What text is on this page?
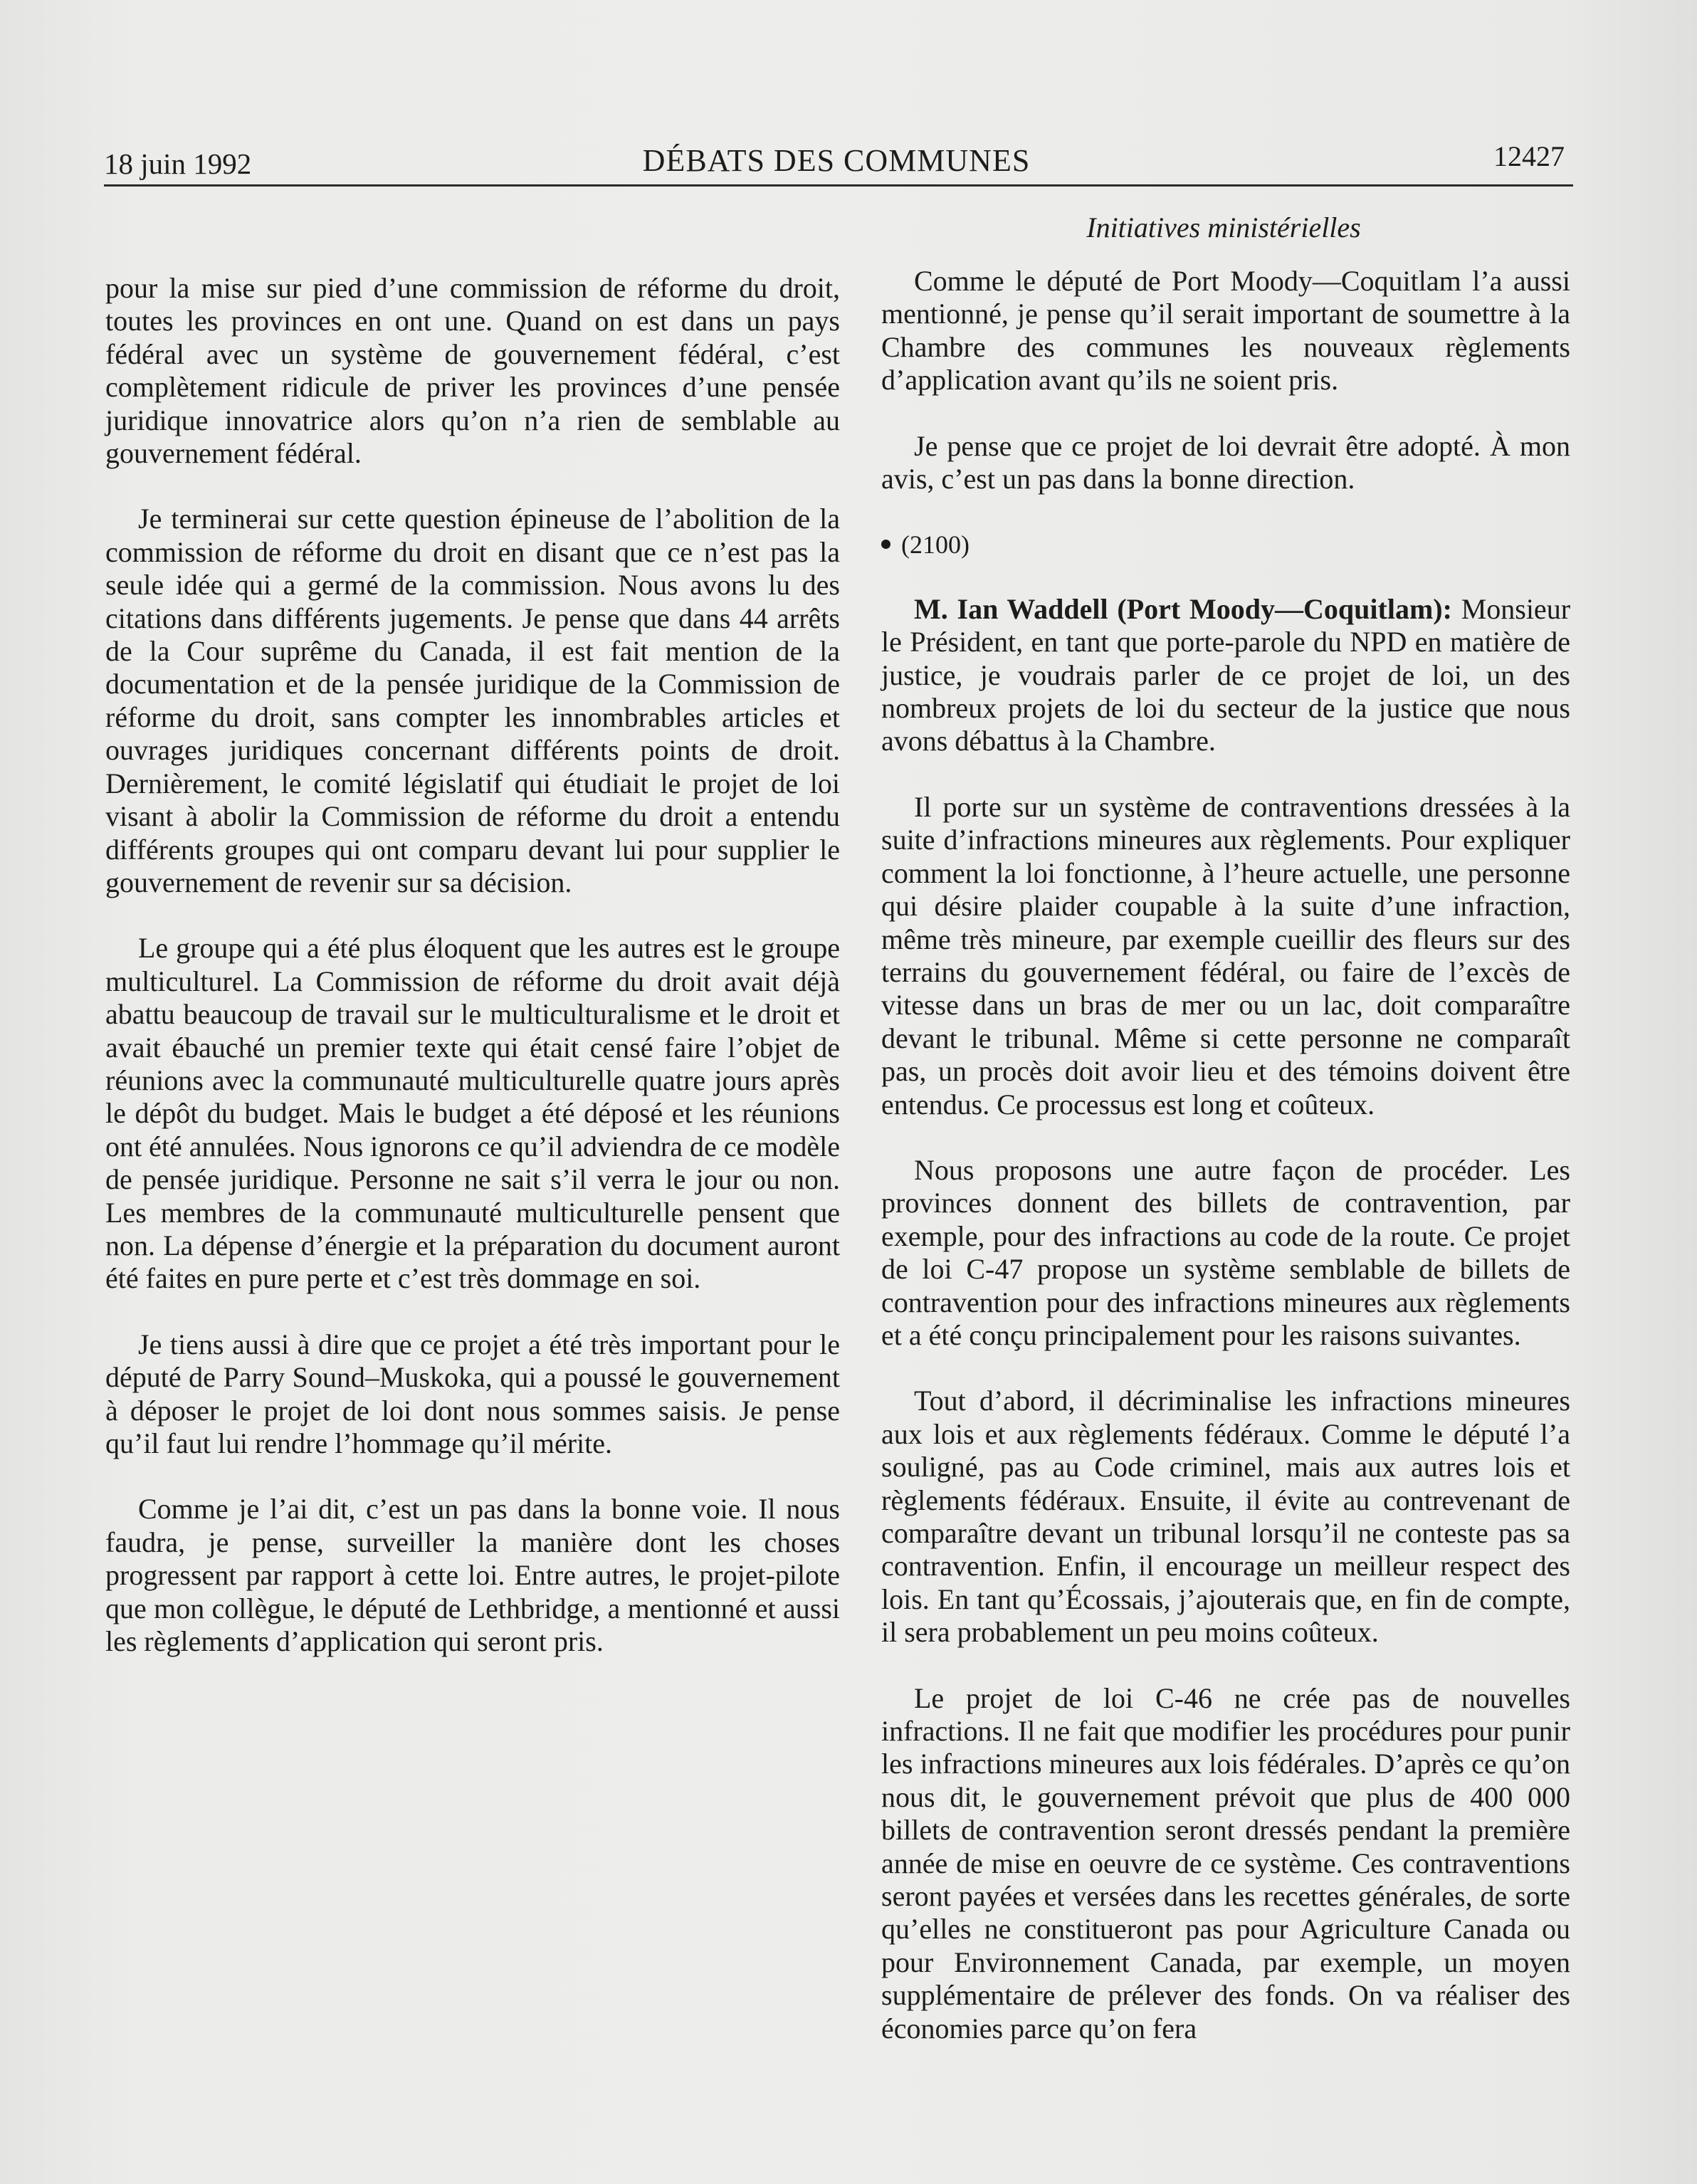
18 juin 1992	DÉBATS DES COMMUNES	12427
Initiatives ministérielles

pour la mise sur pied d’une commission de réforme du droit, toutes les provinces en ont une. Quand on est dans un pays fédéral avec un système de gouvernement fédéral, c’est complètement ridicule de priver les provinces d’une pensée juridique innovatrice alors qu’on n’a rien de semblable au gouvernement fédéral.

Je terminerai sur cette question épineuse de l’abolition de la commission de réforme du droit en disant que ce n’est pas la seule idée qui a germé de la commission. Nous avons lu des citations dans différents jugements. Je pense que dans 44 arrêts de la Cour suprême du Canada, il est fait mention de la documentation et de la pensée juridique de la Commission de réforme du droit, sans compter les innombrables articles et ouvrages juridiques concernant différents points de droit. Dernièrement, le comité législatif qui étudiait le projet de loi visant à abolir la Commission de réforme du droit a entendu différents groupes qui ont comparu devant lui pour supplier le gouvernement de revenir sur sa décision.

Le groupe qui a été plus éloquent que les autres est le groupe multiculturel. La Commission de réforme du droit avait déjà abattu beaucoup de travail sur le multiculturalisme et le droit et avait ébauché un premier texte qui était censé faire l’objet de réunions avec la communauté multiculturelle quatre jours après le dépôt du budget. Mais le budget a été déposé et les réunions ont été annulées. Nous ignorons ce qu’il adviendra de ce modèle de pensée juridique. Personne ne sait s’il verra le jour ou non. Les membres de la communauté multiculturelle pensent que non. La dépense d’énergie et la préparation du document auront été faites en pure perte et c’est très dommage en soi.

Je tiens aussi à dire que ce projet a été très important pour le député de Parry Sound–Muskoka, qui a poussé le gouvernement à déposer le projet de loi dont nous sommes saisis. Je pense qu’il faut lui rendre l’hommage qu’il mérite.

Comme je l’ai dit, c’est un pas dans la bonne voie. Il nous faudra, je pense, surveiller la manière dont les choses progressent par rapport à cette loi. Entre autres, le projet-pilote que mon collègue, le député de Lethbridge, a mentionné et aussi les règlements d’application qui seront pris.

Comme le député de Port Moody—Coquitlam l’a aussi mentionné, je pense qu’il serait important de soumettre à la Chambre des communes les nouveaux règlements d’application avant qu’ils ne soient pris.

Je pense que ce projet de loi devrait être adopté. À mon avis, c’est un pas dans la bonne direction.

(2100)

M. Ian Waddell (Port Moody—Coquitlam): Monsieur le Président, en tant que porte-parole du NPD en matière de justice, je voudrais parler de ce projet de loi, un des nombreux projets de loi du secteur de la justice que nous avons débattus à la Chambre.

Il porte sur un système de contraventions dressées à la suite d’infractions mineures aux règlements. Pour expliquer comment la loi fonctionne, à l’heure actuelle, une personne qui désire plaider coupable à la suite d’une infraction, même très mineure, par exemple cueillir des fleurs sur des terrains du gouvernement fédéral, ou faire de l’excès de vitesse dans un bras de mer ou un lac, doit comparaître devant le tribunal. Même si cette personne ne comparaît pas, un procès doit avoir lieu et des témoins doivent être entendus. Ce processus est long et coûteux.

Nous proposons une autre façon de procéder. Les provinces donnent des billets de contravention, par exemple, pour des infractions au code de la route. Ce projet de loi C-47 propose un système semblable de billets de contravention pour des infractions mineures aux règlements et a été conçu principalement pour les raisons suivantes.

Tout d’abord, il décriminalise les infractions mineures aux lois et aux règlements fédéraux. Comme le député l’a souligné, pas au Code criminel, mais aux autres lois et règlements fédéraux. Ensuite, il évite au contrevenant de comparaître devant un tribunal lorsqu’il ne conteste pas sa contravention. Enfin, il encourage un meilleur respect des lois. En tant qu’Écossais, j’ajouterais que, en fin de compte, il sera probablement un peu moins coûteux.

Le projet de loi C-46 ne crée pas de nouvelles infractions. Il ne fait que modifier les procédures pour punir les infractions mineures aux lois fédérales. D’après ce qu’on nous dit, le gouvernement prévoit que plus de 400 000 billets de contravention seront dressés pendant la première année de mise en oeuvre de ce système. Ces contraventions seront payées et versées dans les recettes générales, de sorte qu’elles ne constitueront pas pour Agriculture Canada ou pour Environnement Canada, par exemple, un moyen supplémentaire de prélever des fonds. On va réaliser des économies parce qu’on fera
